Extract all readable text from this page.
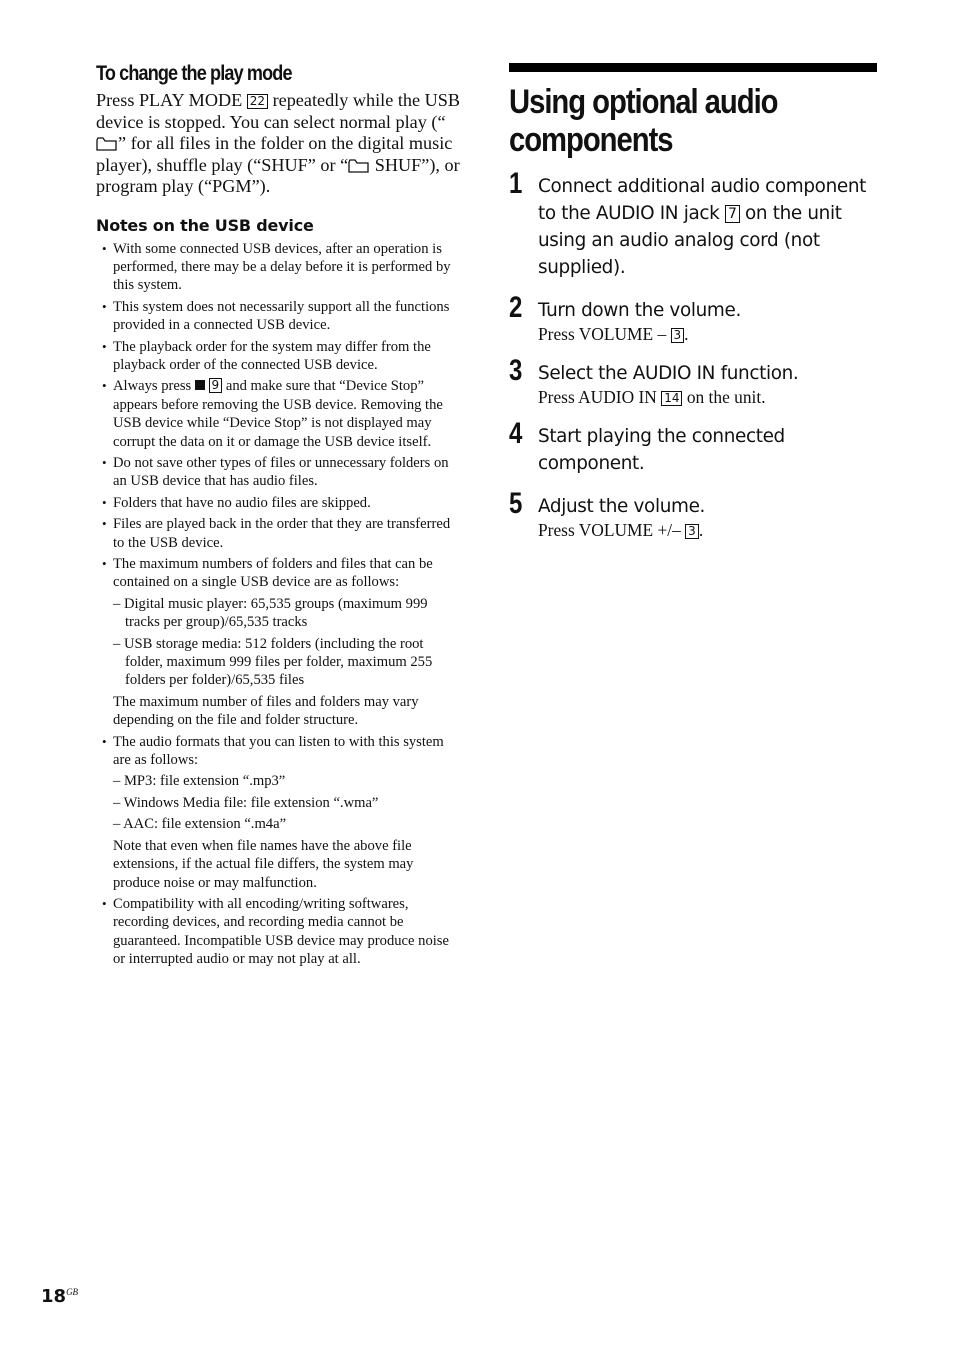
To change the play mode

Press PLAY MODE 22 repeatedly while the USB device is stopped. You can select normal play (“” for all files in the folder on the digital music player), shuffle play (“SHUF” or “ SHUF”), or program play (“PGM”).

Notes on the USB device
• With some connected USB devices, after an operation is performed, there may be a delay before it is performed by this system.
• This system does not necessarily support all the functions provided in a connected USB device.
• The playback order for the system may differ from the playback order of the connected USB device.
• Always press  9 and make sure that “Device Stop” appears before removing the USB device. Removing the USB device while “Device Stop” is not displayed may corrupt the data on it or damage the USB device itself.
• Do not save other types of files or unnecessary folders on an USB device that has audio files.
• Folders that have no audio files are skipped.
• Files are played back in the order that they are transferred to the USB device.
• The maximum numbers of folders and files that can be contained on a single USB device are as follows:
– Digital music player: 65,535 groups (maximum 999 tracks per group)/65,535 tracks
– USB storage media: 512 folders (including the root folder, maximum 999 files per folder, maximum 255 folders per folder)/65,535 files
The maximum number of files and folders may vary depending on the file and folder structure.
• The audio formats that you can listen to with this system are as follows:
– MP3: file extension “.mp3”
– Windows Media file: file extension “.wma”
– AAC: file extension “.m4a”
Note that even when file names have the above file extensions, if the actual file differs, the system may produce noise or may malfunction.
• Compatibility with all encoding/writing softwares, recording devices, and recording media cannot be guaranteed. Incompatible USB device may produce noise or interrupted audio or may not play at all.
Using optional audio components
1 Connect additional audio component to the AUDIO IN jack 7 on the unit using an audio analog cord (not supplied).
2 Turn down the volume.
Press VOLUME – 3 .
3 Select the AUDIO IN function.
Press AUDIO IN 14 on the unit.
4 Start playing the connected component.
5 Adjust the volume.
Press VOLUME +/– 3 .
$18^{GB}$
